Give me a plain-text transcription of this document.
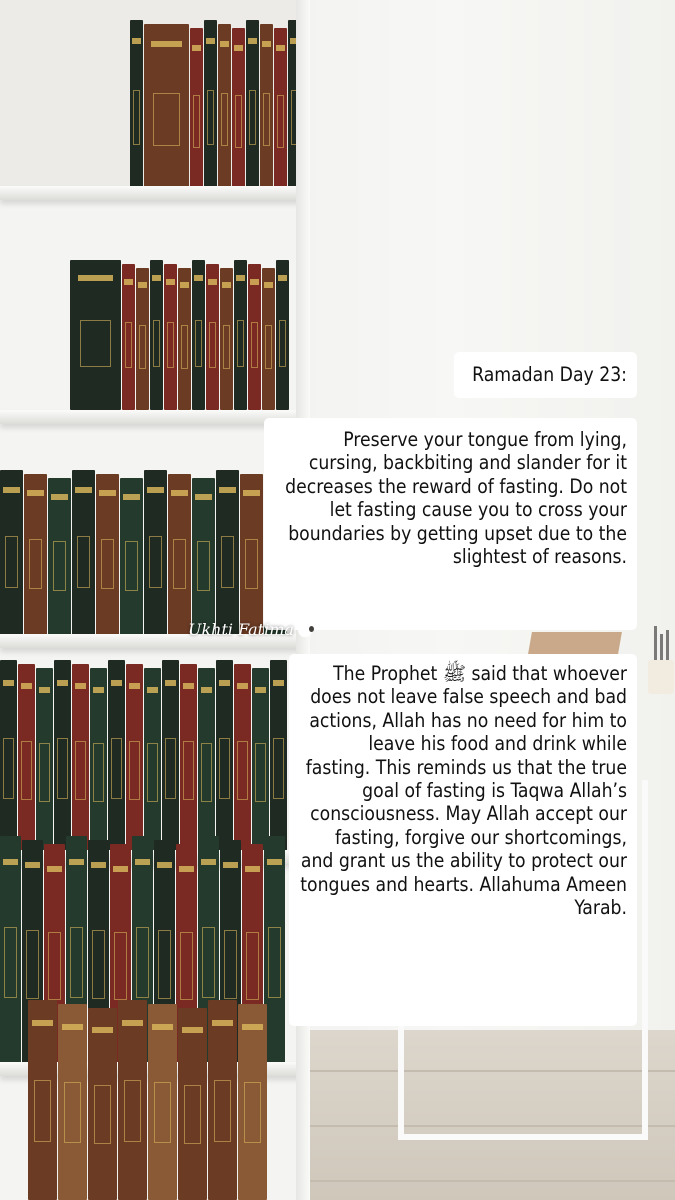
Ramadan Day 23:
Preserve your tongue from lying, cursing, backbiting and slander for it decreases the reward of fasting. Do not let fasting cause you to cross your boundaries by getting upset due to the slightest of reasons.
Ukhti Fatima
The Prophet ﷺ said that whoever does not leave false speech and bad actions, Allah has no need for him to leave his food and drink while fasting. This reminds us that the true goal of fasting is Taqwa Allah’s consciousness. May Allah accept our fasting, forgive our shortcomings, and grant us the ability to protect our tongues and hearts. Allahuma Ameen Yarab.
